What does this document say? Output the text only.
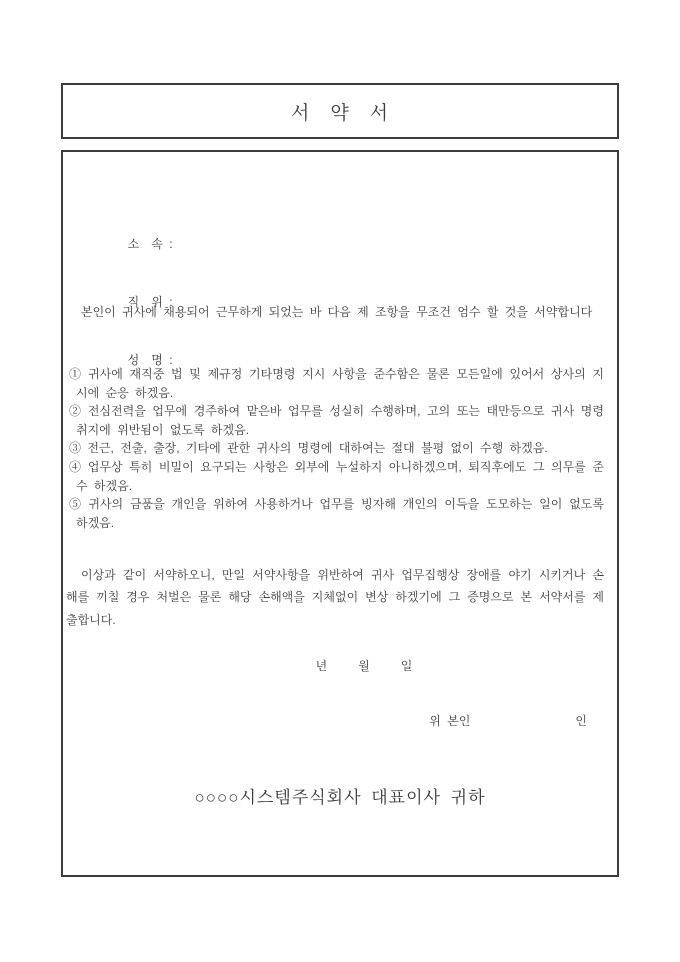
서　약　서

소　속 :

직　위 :

성　명 :

본인이 귀사에 채용되어 근무하게 되었는 바 다음 제 조항을 무조건 엄수 할 것을 서약합니다

① 귀사에 재직중 법 및 제규정 기타명령 지시 사항을 준수함은 물론 모든일에 있어서 상사의 지시에 순응 하겠음.

② 전심전력을 업무에 경주하여 맡은바 업무를 성실히 수행하며, 고의 또는 태만등으로 귀사 명령 취지에 위반됨이 없도록 하겠음.

③ 전근, 전출, 출장, 기타에 관한 귀사의 명령에 대하여는 절대 불평 없이 수행 하겠음.

④ 업무상 특히 비밀이 요구되는 사항은 외부에 누설하지 아니하겠으며, 퇴직후에도 그 의무를 준수 하겠음.

⑤ 귀사의 금품을 개인을 위하여 사용하거나 업무를 빙자해 개인의 이득을 도모하는 일이 없도록 하겠음.

이상과 같이 서약하오니, 만일 서약사항을 위반하여 귀사 업무집행상 장애를 야기 시키거나 손해를 끼칠 경우 처벌은 물론 해당 손해액을 지체없이 변상 하겠기에 그 증명으로 본 서약서를 제출합니다.

년	월	일
위 본인	인

○○○○시스템주식회사 대표이사 귀하
